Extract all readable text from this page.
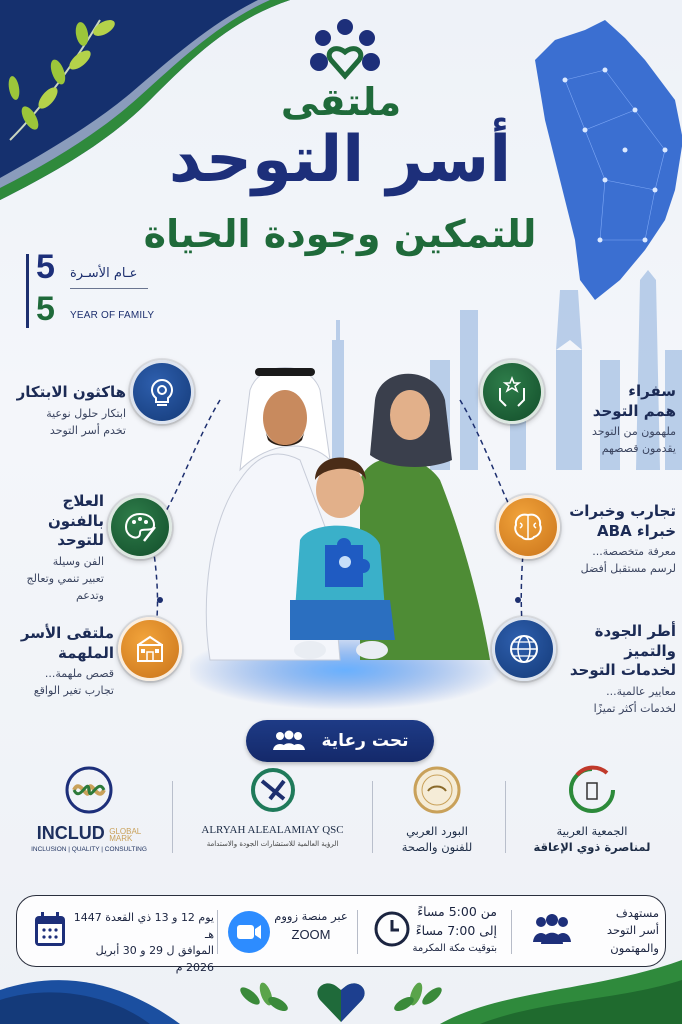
ملتقى
أسر التوحد
للتمكين وجودة الحياة
5
5
عـام الأسـرة
YEAR OF FAMILY
هاكثون الابتكار
ابتكار حلول نوعية
تخدم أسر التوحد
العلاج بالفنون
للتوحد
الفن وسيلة
تعبير تنمي وتعالج
وتدعم
ملتقى الأسر
الملهمة
قصص ملهمة...
تجارب تغير الواقع
سفراء
همم التوحد
ملهمون من التوحد
يقدمون قصصهم
تجارب وخبرات
خبراء ABA
معرفة متخصصة...
لرسم مستقبل أفضل
أطر الجودة
والتميز
لخدمات التوحد
معايير عالمية...
لخدمات أكثر تميزًا
تحت رعاية
INCLUD GLOBAL
MARK
INCLUSION | QUALITY | CONSULTING
ALRYAH ALEALAMIAY QSC
الرؤية العالمية للاستشارات الجودة والاستدامة
البورد العربي
للفنون والصحة
الجمعية العربية
لمناصرة ذوي الإعاقة
مستهدف
أسر التوحد
والمهتمون
من 5:00 مساءً
إلى 7:00 مساءً
بتوقيت مكة المكرمة
عبر منصة زووم
ZOOM
يوم 12 و 13 ذي القعدة 1447 هـ
الموافق ل 29 و 30 أبريل 2026 م
